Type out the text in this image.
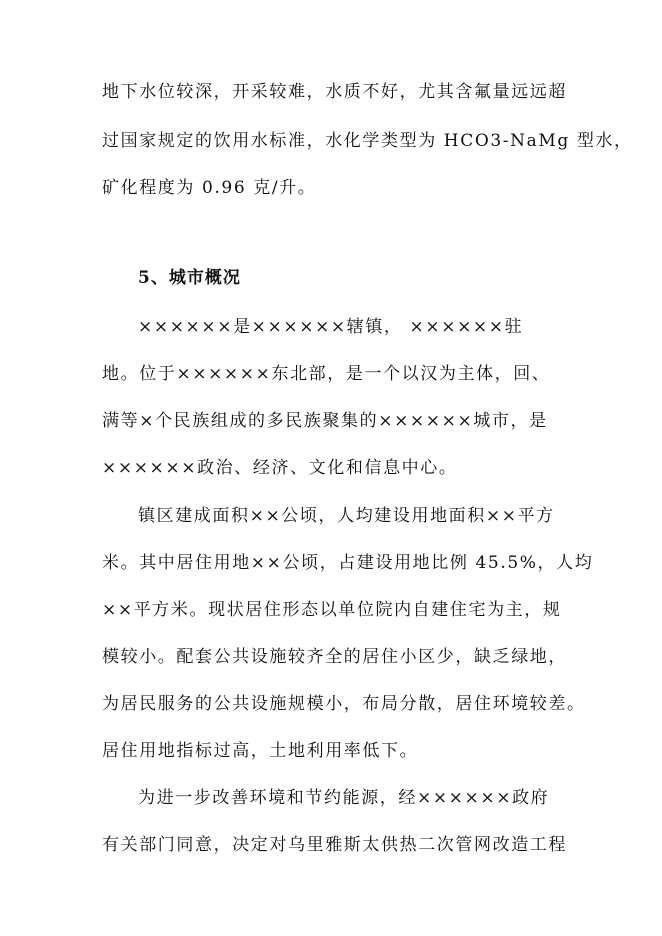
地下水位较深，开采较难，水质不好，尤其含氟量远远超
过国家规定的饮用水标准，水化学类型为 HCO3-NaMg 型水，
矿化程度为 0.96 克/升。
5、城市概况
××××××是××××××辖镇， ××××××驻
地。位于××××××东北部，是一个以汉为主体，回、
满等×个民族组成的多民族聚集的××××××城市，是
××××××政治、经济、文化和信息中心。
镇区建成面积××公顷，人均建设用地面积××平方
米。其中居住用地××公顷，占建设用地比例 45.5%，人均
××平方米。现状居住形态以单位院内自建住宅为主，规
模较小。配套公共设施较齐全的居住小区少，缺乏绿地，
为居民服务的公共设施规模小，布局分散，居住环境较差。
居住用地指标过高，土地利用率低下。
为进一步改善环境和节约能源，经××××××政府
有关部门同意，决定对乌里雅斯太供热二次管网改造工程
